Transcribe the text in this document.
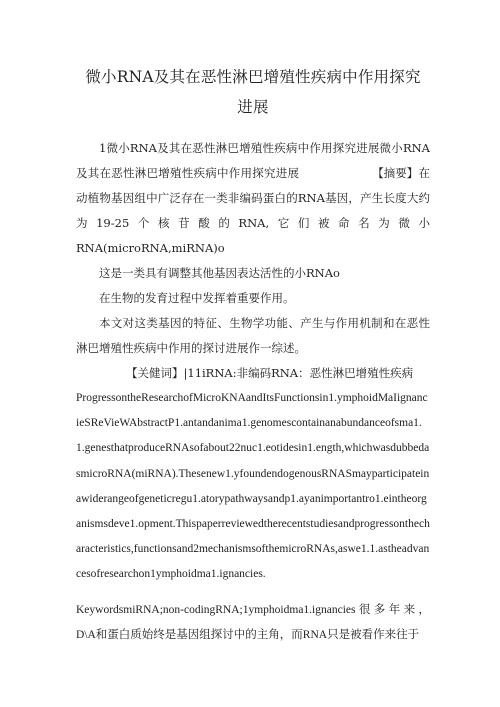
微小RNA及其在恶性淋巴增殖性疾病中作用探究进展

1微小RNA及其在恶性淋巴增殖性疾病中作用探究进展微小RNA及其在恶性淋巴增殖性疾病中作用探究进展	【摘要】在动植物基因组中广泛存在一类非编码蛋白的RNA基因，产生长度大约为19-25个核苷酸的RNA,它们被命名为微小RNA(microRNA,miRNA)o

这是一类具有调整其他基因表达活性的小RNAo

在生物的发育过程中发挥着重要作用。

本文对这类基因的特征、生物学功能、产生与作用机制和在恶性淋巴增殖性疾病中作用的探讨进展作一综述。

【关健词】|11iRNA:非编码RNA：恶性淋巴增殖性疾病

ProgressontheResearchofMicroKNAandItsFunctionsin1.ymphoidMaIignancieSReVieWAbstractP1.antandanima1.genomescontainanabundanceofsma1.1.genesthatproduceRNAsofabout22nuc1.eotidesin1.ength,whichwasdubbedasmicroRNA(miRNA).Thesenew1.yfoundendogenousRNASmayparticipateinawiderangeofgeneticregu1.atorypathwaysandp1.ayanimportantro1.eintheorganismsdeve1.opment.Thispaperreviewedtherecentstudiesandprogressonthecharacteristics,functionsand2mechanismsofthemicroRNAs,aswe1.1.astheadvancesofresearchon1ymphoidma1.ignancies.

KeywordsmiRNA;non-codingRNA;1ymphoidma1.ignancies很多年来，D\A和蛋白质始终是基因组探讨中的主角，而RNA只是被看作来往于
